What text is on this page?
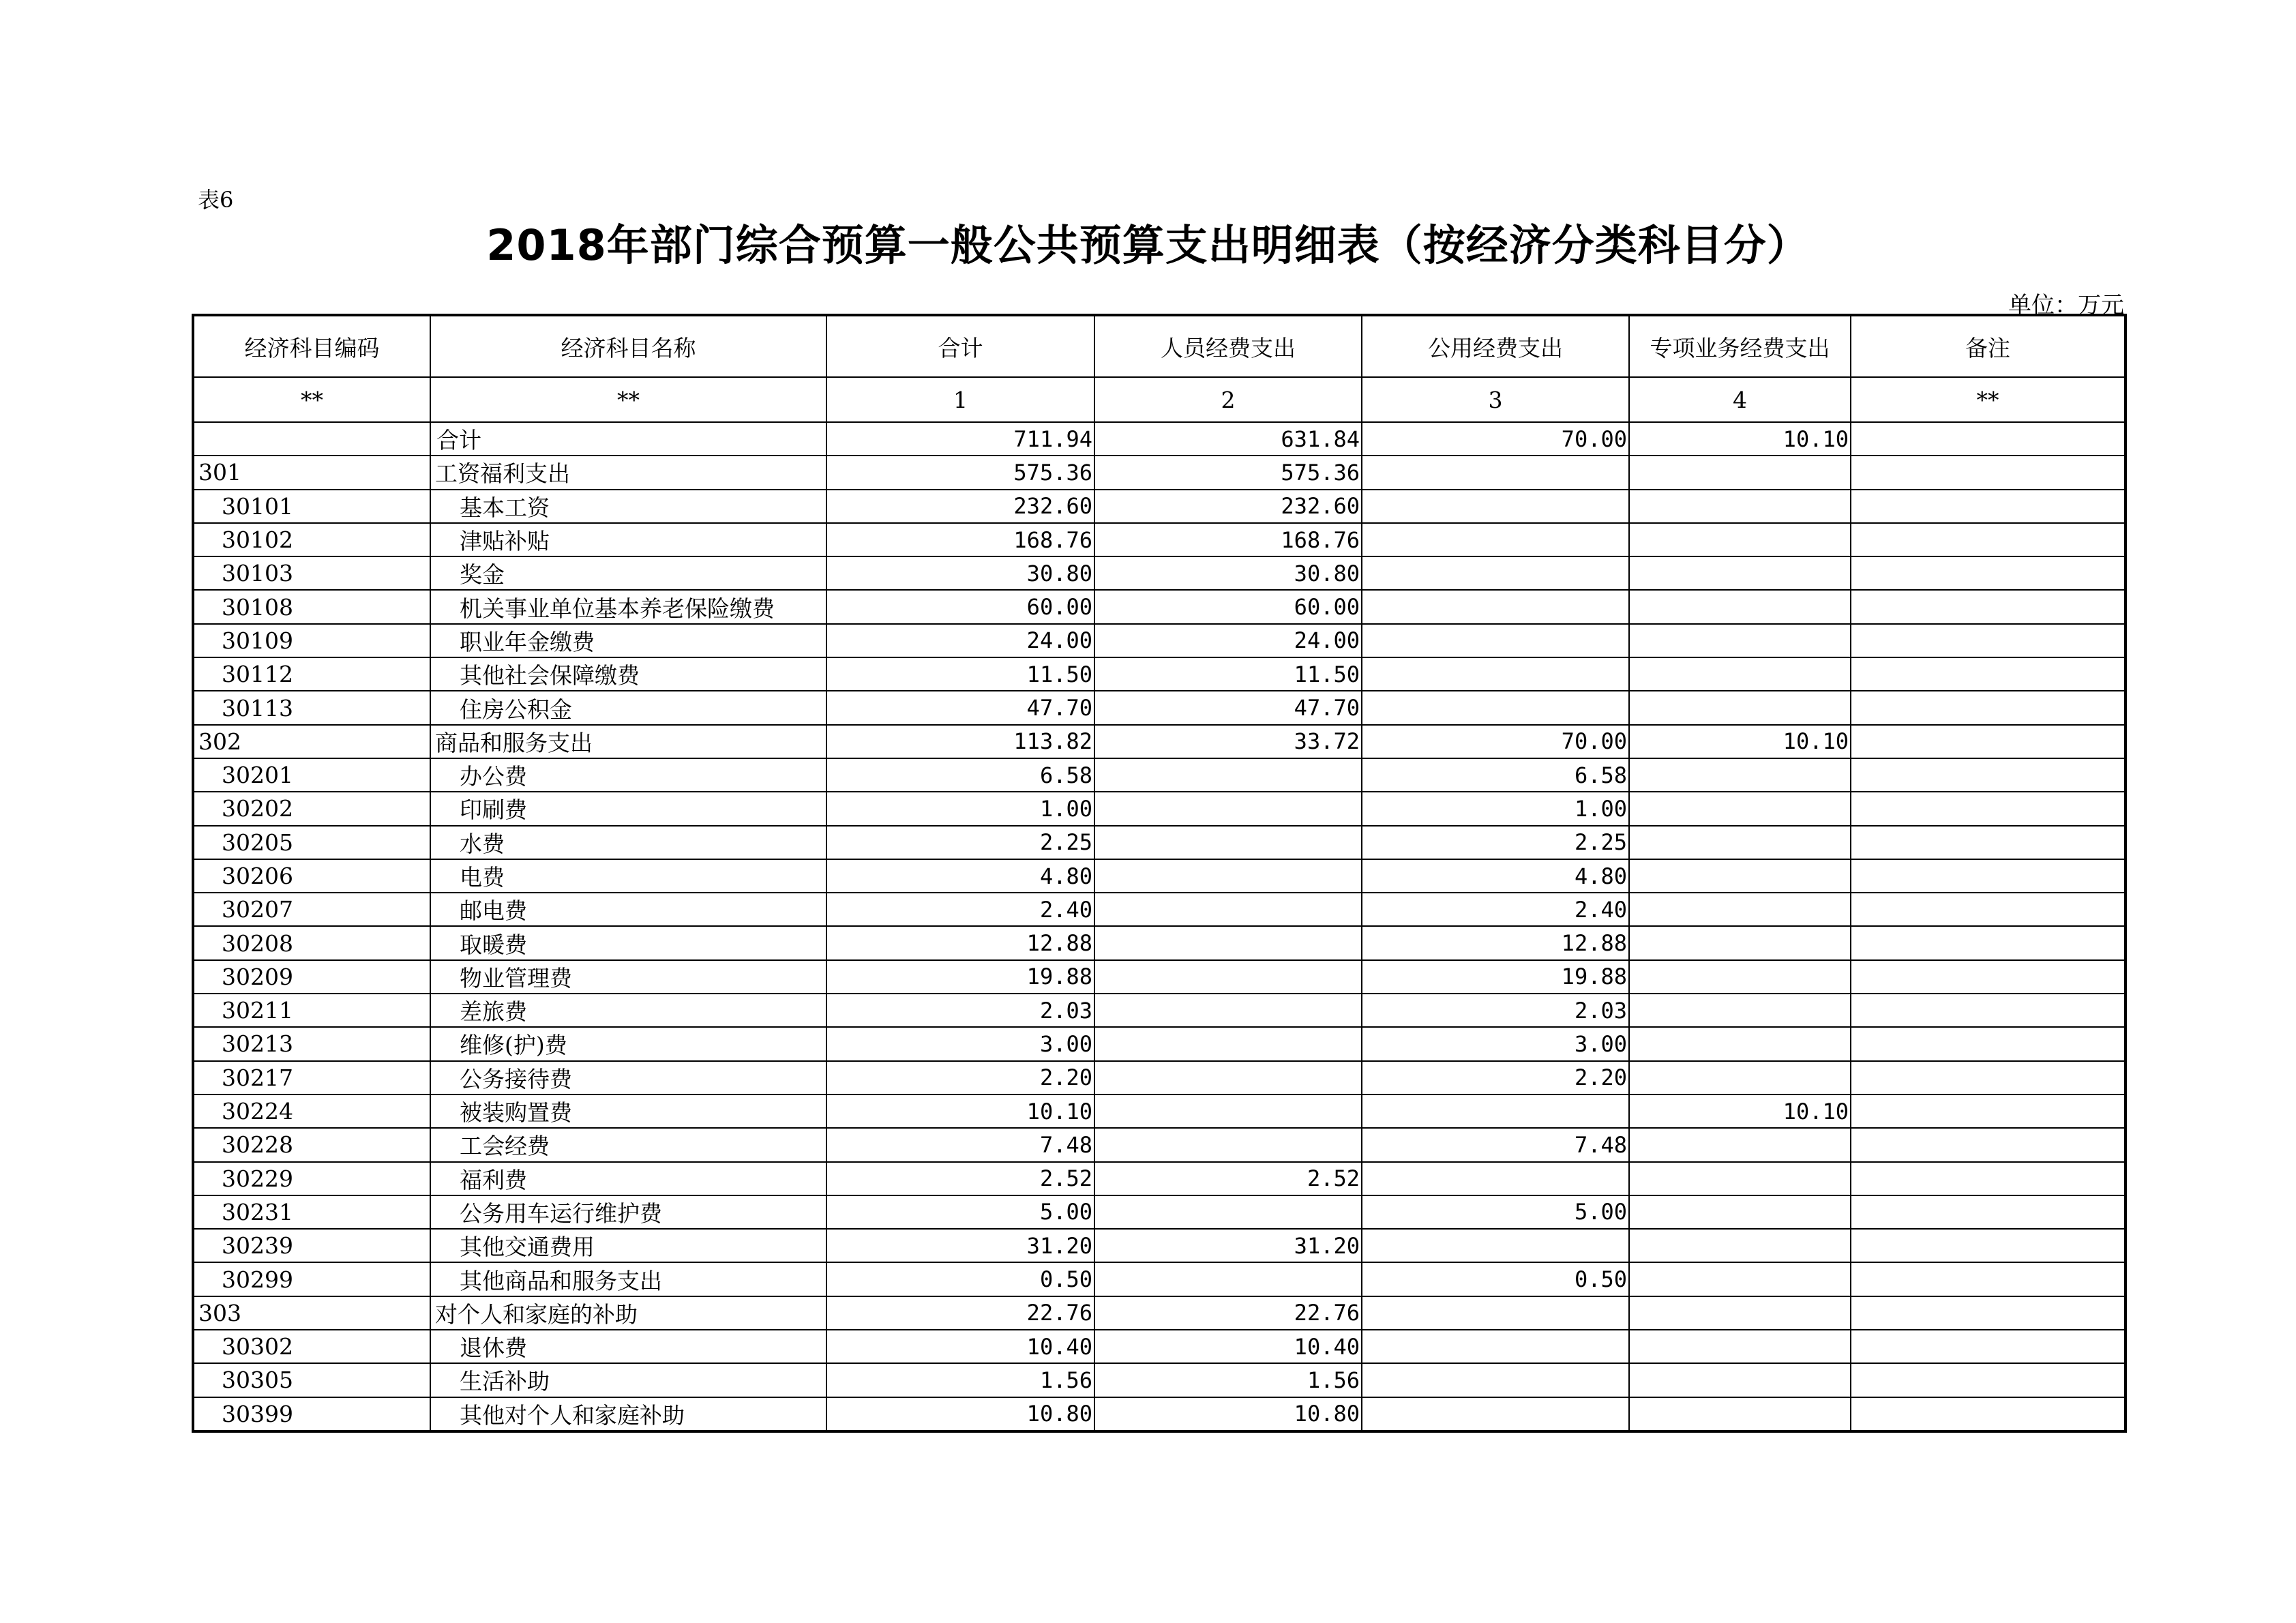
表6
2018年部门综合预算一般公共预算支出明细表（按经济分类科目分）
单位：万元
经济科目编码	经济科目名称	合计	人员经费支出	公用经费支出	专项业务经费支出	备注
**	**	1	2	3	4	**
	合计	711.94	631.84	70.00	10.10	
301	工资福利支出	575.36	575.36			
30101	基本工资	232.60	232.60			
30102	津贴补贴	168.76	168.76			
30103	奖金	30.80	30.80			
30108	机关事业单位基本养老保险缴费	60.00	60.00			
30109	职业年金缴费	24.00	24.00			
30112	其他社会保障缴费	11.50	11.50			
30113	住房公积金	47.70	47.70			
302	商品和服务支出	113.82	33.72	70.00	10.10	
30201	办公费	6.58		6.58		
30202	印刷费	1.00		1.00		
30205	水费	2.25		2.25		
30206	电费	4.80		4.80		
30207	邮电费	2.40		2.40		
30208	取暖费	12.88		12.88		
30209	物业管理费	19.88		19.88		
30211	差旅费	2.03		2.03		
30213	维修(护)费	3.00		3.00		
30217	公务接待费	2.20		2.20		
30224	被装购置费	10.10			10.10	
30228	工会经费	7.48		7.48		
30229	福利费	2.52	2.52			
30231	公务用车运行维护费	5.00		5.00		
30239	其他交通费用	31.20	31.20			
30299	其他商品和服务支出	0.50		0.50		
303	对个人和家庭的补助	22.76	22.76			
30302	退休费	10.40	10.40			
30305	生活补助	1.56	1.56			
30399	其他对个人和家庭补助	10.80	10.80			
